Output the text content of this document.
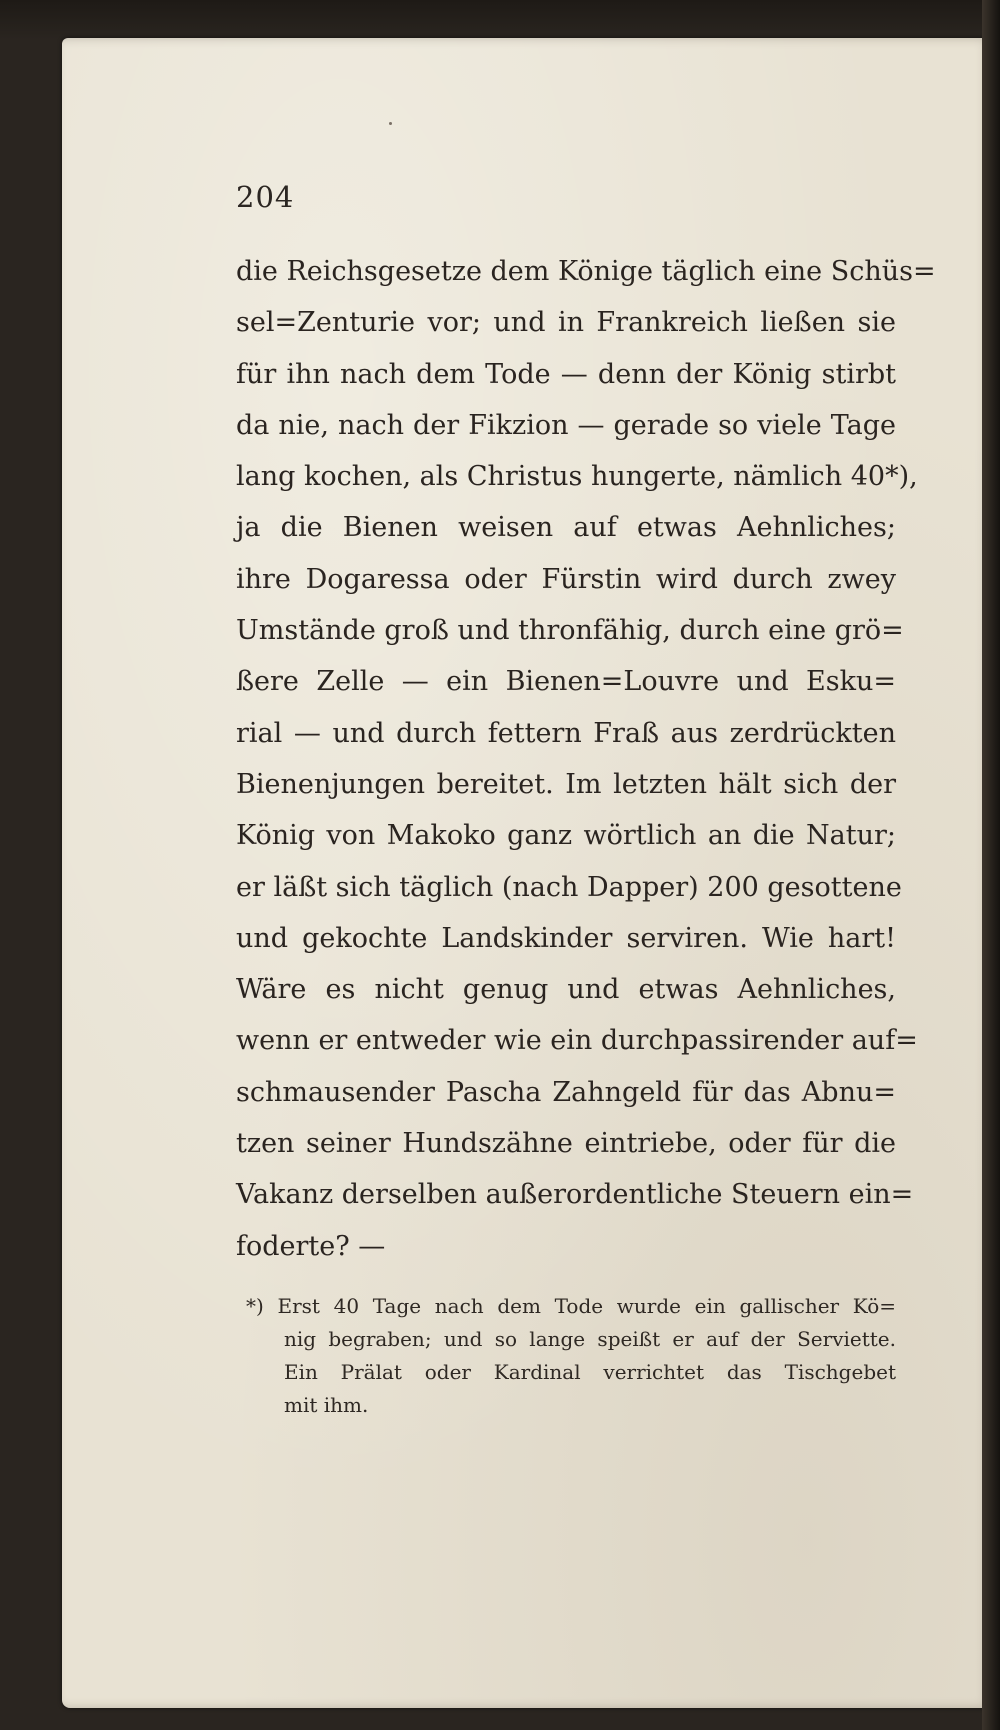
204
die Reichsgesetze dem Könige täglich eine Schüs=
sel=Zenturie vor; und in Frankreich ließen sie
für ihn nach dem Tode — denn der König stirbt
da nie, nach der Fikzion — gerade so viele Tage
lang kochen, als Christus hungerte, nämlich 40*),
ja die Bienen weisen auf etwas Aehnliches;
ihre Dogaressa oder Fürstin wird durch zwey
Umstände groß und thronfähig, durch eine grö=
ßere Zelle — ein Bienen=Louvre und Esku=
rial — und durch fettern Fraß aus zerdrückten
Bienenjungen bereitet. Im letzten hält sich der
König von Makoko ganz wörtlich an die Natur;
er läßt sich täglich (nach Dapper) 200 gesottene
und gekochte Landskinder serviren. Wie hart!
Wäre es nicht genug und etwas Aehnliches,
wenn er entweder wie ein durchpassirender auf=
schmausender Pascha Zahngeld für das Abnu=
tzen seiner Hundszähne eintriebe, oder für die
Vakanz derselben außerordentliche Steuern ein=
foderte? —
*) Erst 40 Tage nach dem Tode wurde ein gallischer Kö=
nig begraben; und so lange speißt er auf der Serviette.
Ein Prälat oder Kardinal verrichtet das Tischgebet
mit ihm.
